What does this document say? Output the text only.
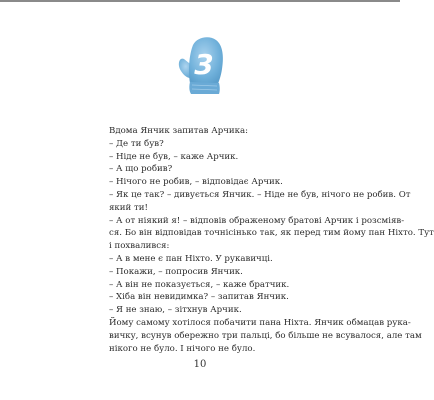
3
Вдома Янчик запитав Арчика:
– Де ти був?
– Ніде не був, – каже Арчик.
– А що робив?
– Нічого не робив, – відповідає Арчик.
– Як це так? – дивується Янчик. – Ніде не був, нічого не робив. От
який ти!
– А от ніякий я! – відповів ображеному братові Арчик і розсміяв-
ся. Бо він відповідав точнісінько так, як перед тим йому пан Ніхто. Тут
і похвалився:
– А в мене є пан Ніхто. У рукавичці.
– Покажи, – попросив Янчик.
– А він не показується, – каже братчик.
– Хіба він невидимка? – запитав Янчик.
– Я не знаю, – зітхнув Арчик.
Йому самому хотілося побачити пана Ніхта. Янчик обмацав рука-
вичку, всунув обережно три пальці, бо більше не всувалося, але там
нікого не було. І нічого не було.
10
